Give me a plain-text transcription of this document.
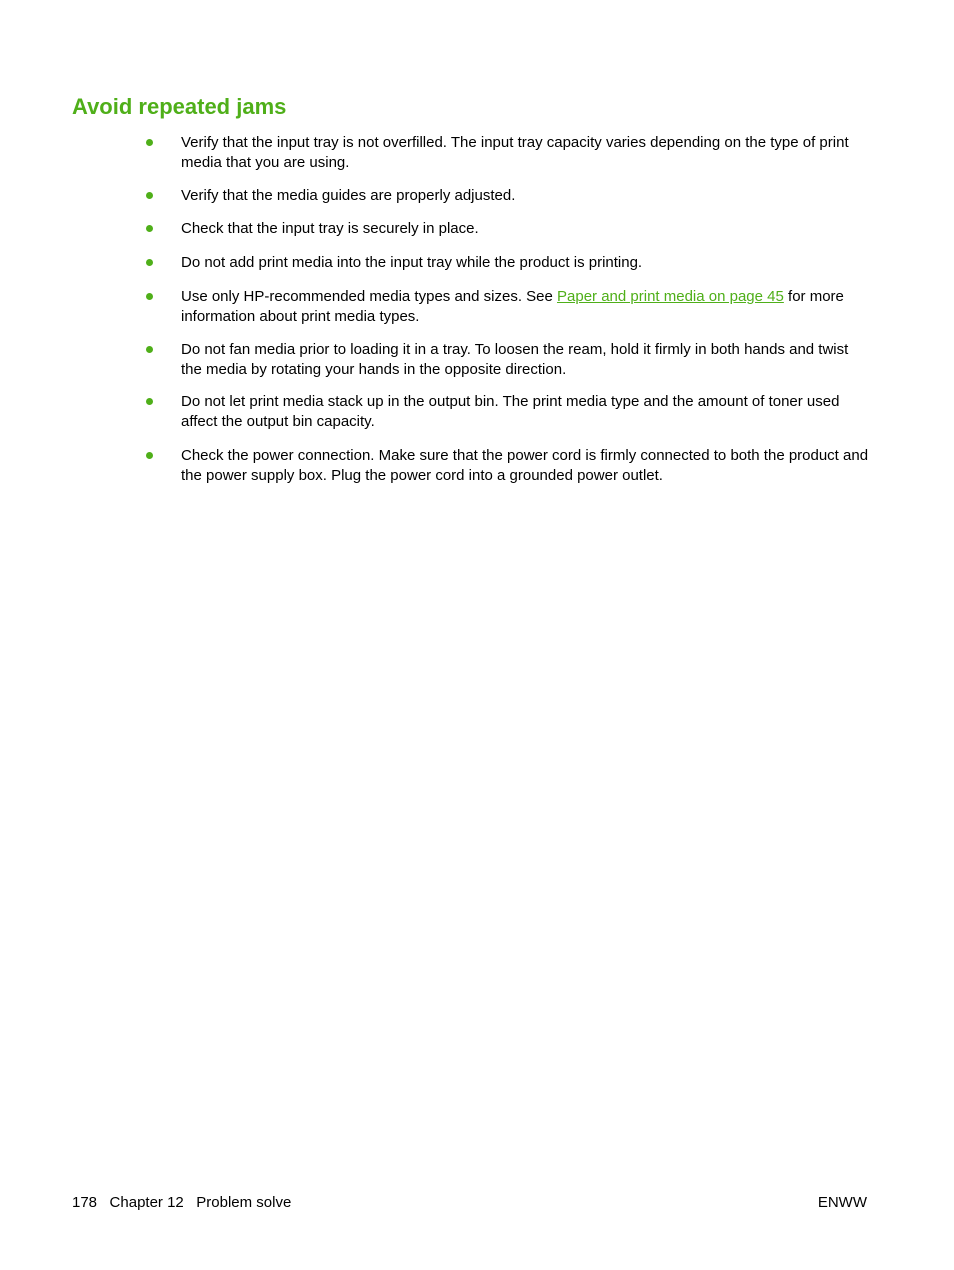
Avoid repeated jams
Verify that the input tray is not overfilled. The input tray capacity varies depending on the type of print media that you are using.
Verify that the media guides are properly adjusted.
Check that the input tray is securely in place.
Do not add print media into the input tray while the product is printing.
Use only HP-recommended media types and sizes. See Paper and print media on page 45 for more information about print media types.
Do not fan media prior to loading it in a tray. To loosen the ream, hold it firmly in both hands and twist the media by rotating your hands in the opposite direction.
Do not let print media stack up in the output bin. The print media type and the amount of toner used affect the output bin capacity.
Check the power connection. Make sure that the power cord is firmly connected to both the product and the power supply box. Plug the power cord into a grounded power outlet.
178 Chapter 12 Problem solve	ENWW
